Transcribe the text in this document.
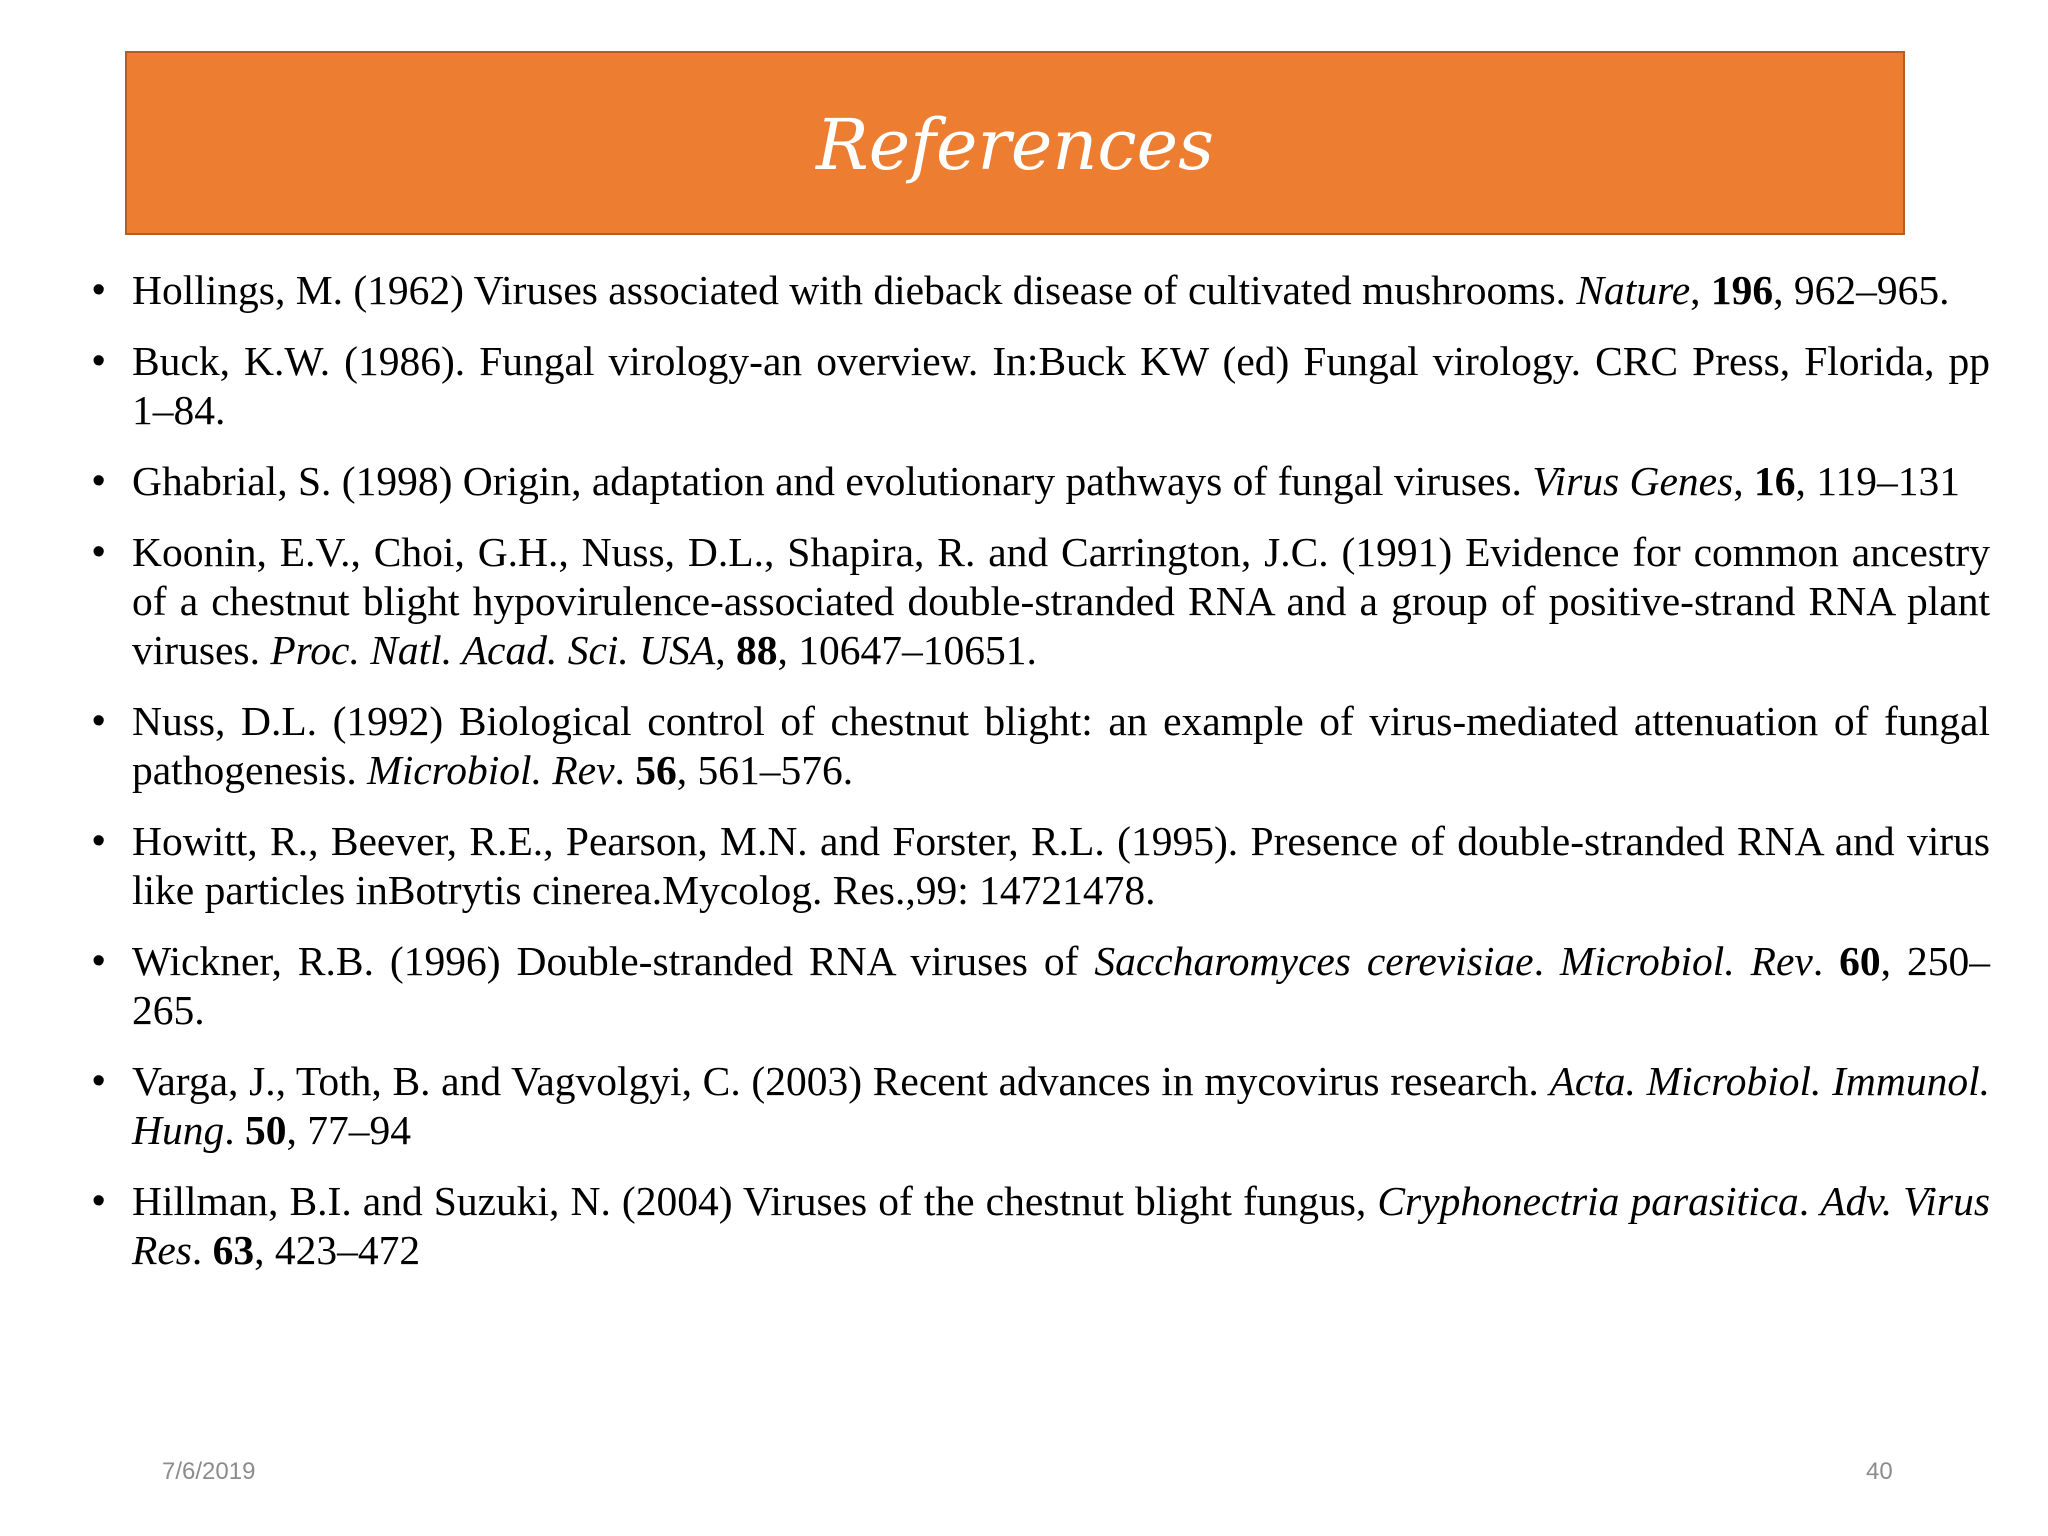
References
• Hollings, M. (1962) Viruses associated with dieback disease of cultivated mushrooms. Nature, 196, 962–965.
• Buck, K.W. (1986). Fungal virology-an overview. In:Buck KW (ed) Fungal virology. CRC Press, Florida, pp 1–84.
• Ghabrial, S. (1998) Origin, adaptation and evolutionary pathways of fungal viruses. Virus Genes, 16, 119–131
• Koonin, E.V., Choi, G.H., Nuss, D.L., Shapira, R. and Carrington, J.C. (1991) Evidence for common ancestry of a chestnut blight hypovirulence-associated double-stranded RNA and a group of positive-strand RNA plant viruses. Proc. Natl. Acad. Sci. USA, 88, 10647–10651.
• Nuss, D.L. (1992) Biological control of chestnut blight: an example of virus-mediated attenuation of fungal pathogenesis. Microbiol. Rev. 56, 561–576.
• Howitt, R., Beever, R.E., Pearson, M.N. and Forster, R.L. (1995). Presence of double-stranded RNA and virus like particles inBotrytis cinerea.Mycolog. Res.,99: 14721478.
• Wickner, R.B. (1996) Double-stranded RNA viruses of Saccharomyces cerevisiae. Microbiol. Rev. 60, 250–265.
• Varga, J., Toth, B. and Vagvolgyi, C. (2003) Recent advances in mycovirus research. Acta. Microbiol. Immunol. Hung. 50, 77–94
• Hillman, B.I. and Suzuki, N. (2004) Viruses of the chestnut blight fungus, Cryphonectria parasitica. Adv. Virus Res. 63, 423–472
7/6/2019	40
